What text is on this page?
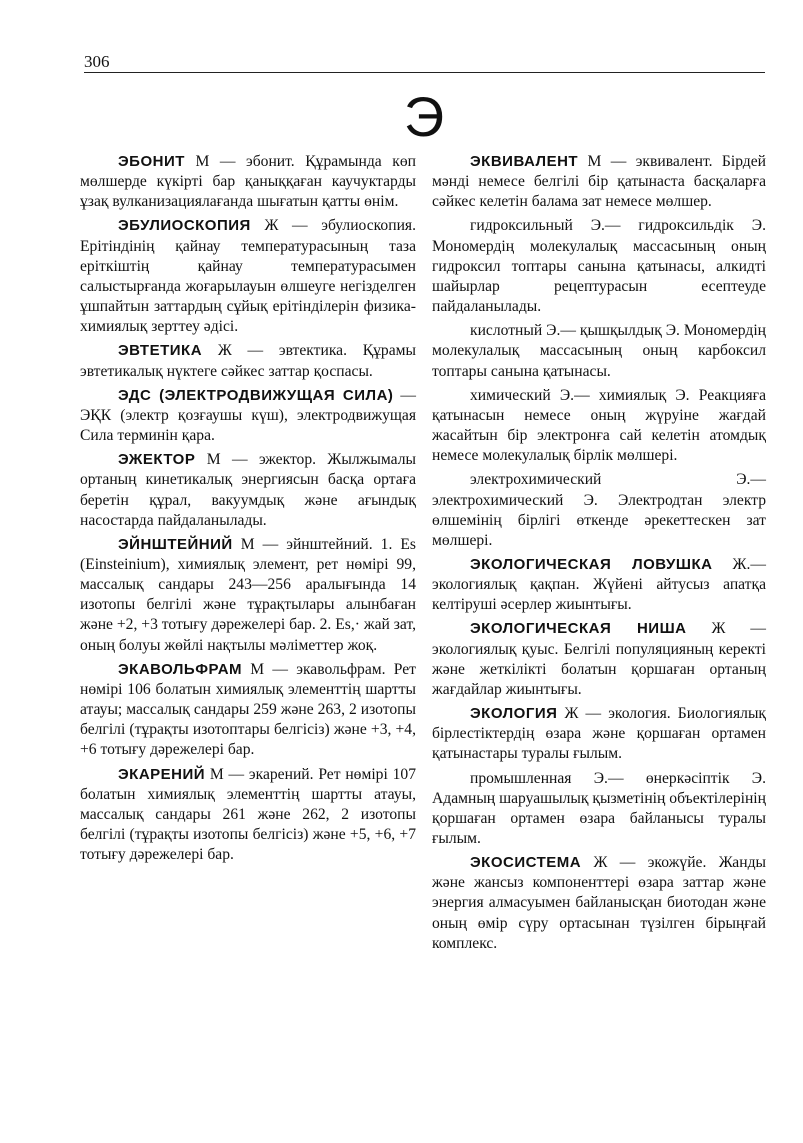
306
Э

ЭБОНИТ М — эбонит. Құрамында көп мөлшерде күкірті бар қаныққаған каучуктарды ұзақ вулканизациялағанда шығатын қатты өнім.

ЭБУЛИОСКОПИЯ Ж — эбулиоскопия. Ерітіндінің қайнау температурасының таза еріткіштің қайнау температурасымен салыстырғанда жоғарылауын өлшеуге негізделген ұшпайтын заттардың сұйық ерітінділерін физика-химиялық зерттеу әдісі.

ЭВТЕТИКА Ж — эвтектика. Құрамы эвтетикалық нүктеге сәйкес заттар қоспасы.

ЭДС (ЭЛЕКТРОДВИЖУЩАЯ СИЛА) — ЭҚК (электр қозғаушы күш), электродвижущая Сила терминін қара.

ЭЖЕКТОР М — эжектор. Жылжымалы ортаның кинетикалық энергиясын басқа ортаға беретін құрал, вакуумдық және ағындық насостарда пайдаланылады.

ЭЙНШТЕЙНИЙ М — эйнштейний. 1. Es (Einsteinium), химиялық элемент, рет нөмірі 99, массалық сандары 243—256 аралығында 14 изотопы белгілі және тұрақтылары алынбаған және +2, +3 тотығу дәрежелері бар. 2. Es,· жай зат, оның болуы жөйлі нақтылы мәліметтер жоқ.

ЭКАВОЛЬФРАМ М — экавольфрам. Рет нөмірі 106 болатын химиялық элементтің шартты атауы; массалық сандары 259 және 263, 2 изотопы белгілі (тұрақты изотоптары белгісіз) және +3, +4, +6 тотығу дәрежелері бар.

ЭКАРЕНИЙ М — экарений. Рет нөмірі 107 болатын химиялық элементтің шартты атауы, массалық сандары 261 және 262, 2 изотопы белгілі (тұрақты изотопы белгісіз) және +5, +6, +7 тотығу дәрежелері бар.

ЭКВИВАЛЕНТ М — эквивалент. Бірдей мәнді немесе белгілі бір қатынаста басқаларға сәйкес келетін балама зат немесе мөлшер.

гидроксильный Э.— гидроксильдік Э. Мономердің молекулалық массасының оның гидроксил топтары санына қатынасы, алкидті шайырлар рецептурасын есептеуде пайдаланылады.

кислотный Э.— қышқылдық Э. Мономердің молекулалық массасының оның карбоксил топтары санына қатынасы.

химический Э.— химиялық Э. Реакцияға қатынасын немесе оның жүруіне жағдай жасайтын бір электронға сай келетін атомдық немесе молекулалық бірлік мөлшері.

электрохимический Э.— электрохимический Э. Электродтан электр өлшемінің бірлігі өткенде әрекеттескен зат мөлшері.

ЭКОЛОГИЧЕСКАЯ ЛОВУШКА Ж.— экологиялық қақпан. Жүйені айтусыз апатқа келтіруші әсерлер жиынтығы.

ЭКОЛОГИЧЕСКАЯ НИША Ж — экологиялық қуыс. Белгілі популяцияның керекті және жеткілікті болатын қоршаған ортаның жағдайлар жиынтығы.

ЭКОЛОГИЯ Ж — экология. Биологиялық бірлестіктердің өзара және қоршаған ортамен қатынастары туралы ғылым.

промышленная Э.— өнеркәсіптік Э. Адамның шаруашылық қызметінің объектілерінің қоршаған ортамен өзара байланысы туралы ғылым.

ЭКОСИСТЕМА Ж — экожүйе. Жанды және жансыз компоненттері өзара заттар және энергия алмасуымен байланысқан биотодан және оның өмір сүру ортасынан түзілген бірыңғай комплекс.
